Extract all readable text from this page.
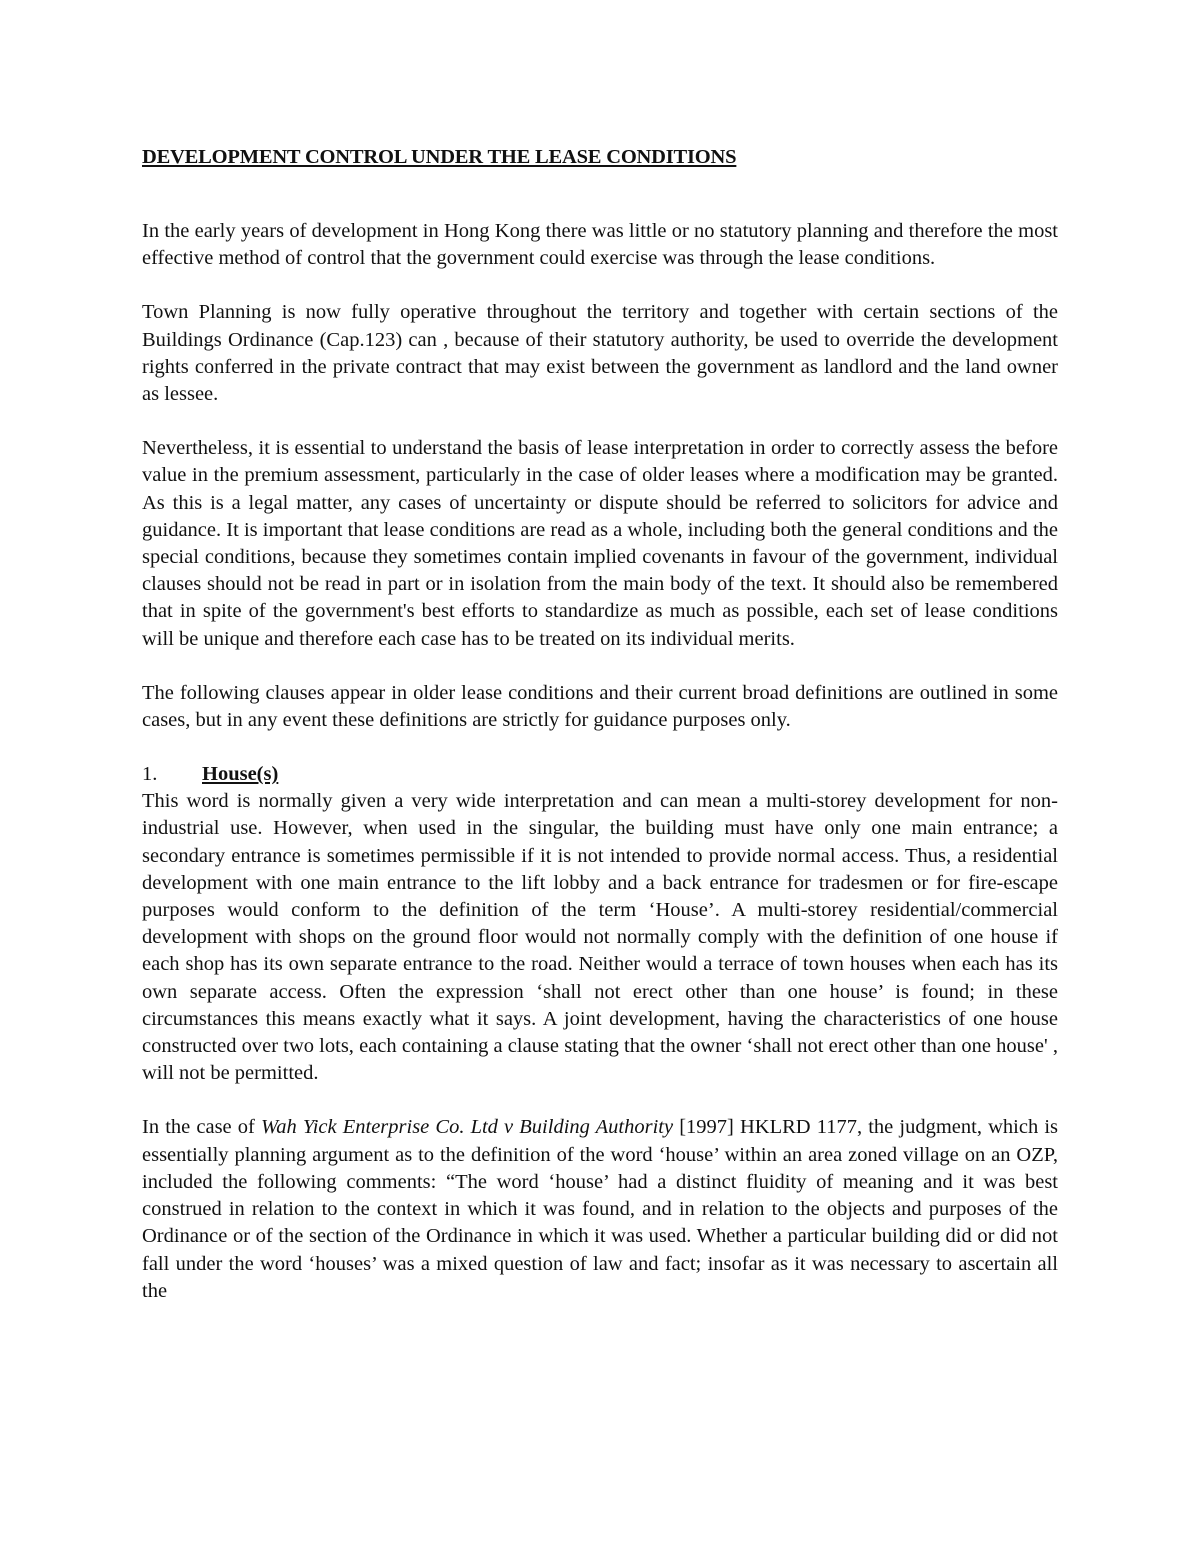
DEVELOPMENT CONTROL UNDER THE LEASE CONDITIONS

In the early years of development in Hong Kong there was little or no statutory planning and therefore the most effective method of control that the government could exercise was through the lease conditions.

Town Planning is now fully operative throughout the territory and together with certain sections of the Buildings Ordinance (Cap.123) can , because of their statutory authority, be used to override the development rights conferred in the private contract that may exist between the government as landlord and the land owner as lessee.

Nevertheless, it is essential to understand the basis of lease interpretation in order to correctly assess the before value in the premium assessment, particularly in the case of older leases where a modification may be granted. As this is a legal matter, any cases of uncertainty or dispute should be referred to solicitors for advice and guidance. It is important that lease conditions are read as a whole, including both the general conditions and the special conditions, because they sometimes contain implied covenants in favour of the government, individual clauses should not be read in part or in isolation from the main body of the text. It should also be remembered that in spite of the government's best efforts to standardize as much as possible, each set of lease conditions will be unique and therefore each case has to be treated on its individual merits.

The following clauses appear in older lease conditions and their current broad definitions are outlined in some cases, but in any event these definitions are strictly for guidance purposes only.

1. House(s)

This word is normally given a very wide interpretation and can mean a multi-storey development for non-industrial use. However, when used in the singular, the building must have only one main entrance; a secondary entrance is sometimes permissible if it is not intended to provide normal access. Thus, a residential development with one main entrance to the lift lobby and a back entrance for tradesmen or for fire-escape purposes would conform to the definition of the term ‘House’. A multi-storey residential/commercial development with shops on the ground floor would not normally comply with the definition of one house if each shop has its own separate entrance to the road. Neither would a terrace of town houses when each has its own separate access. Often the expression ‘shall not erect other than one house’ is found; in these circumstances this means exactly what it says. A joint development, having the characteristics of one house constructed over two lots, each containing a clause stating that the owner ‘shall not erect other than one house' , will not be permitted.

In the case of Wah Yick Enterprise Co. Ltd v Building Authority [1997] HKLRD 1177, the judgment, which is essentially planning argument as to the definition of the word ‘house’ within an area zoned village on an OZP, included the following comments: “The word ‘house’ had a distinct fluidity of meaning and it was best construed in relation to the context in which it was found, and in relation to the objects and purposes of the Ordinance or of the section of the Ordinance in which it was used. Whether a particular building did or did not fall under the word ‘houses’ was a mixed question of law and fact; insofar as it was necessary to ascertain all the
